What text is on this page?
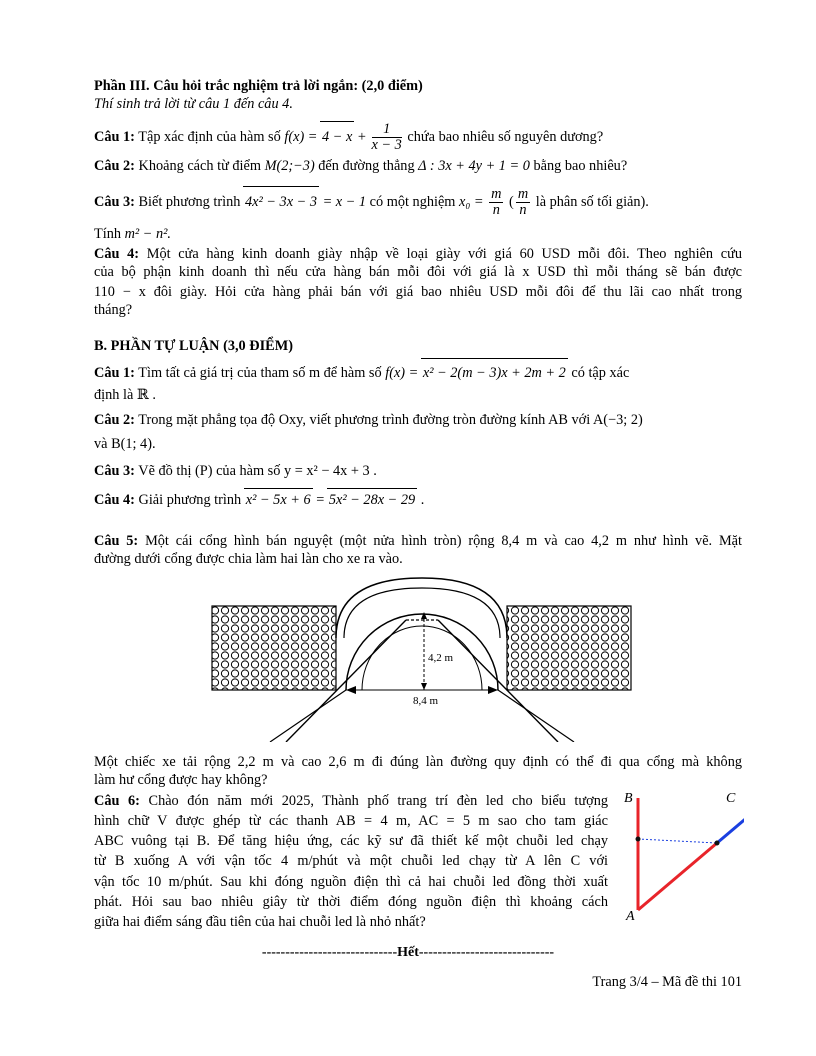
Phần III. Câu hỏi trắc nghiệm trả lời ngắn: (2,0 điểm)
Thí sinh trả lời từ câu 1 đến câu 4.
Câu 1: Tập xác định của hàm số $f(x) = 4 - x + \frac{1}{x - 3}$ chứa bao nhiêu số nguyên dương?
Câu 2: Khoảng cách từ điểm M(2;−3) đến đường thẳng Δ : 3x + 4y + 1 = 0 bằng bao nhiêu?
Câu 3: Biết phương trình 4x² − 3x − 3 = x − 1 có một nghiệm $x_0 = \frac{m}{n}$ ( $\frac{m}{n}$ là phân số tối giản).
Tính m² − n².
Câu 4: Một cửa hàng kinh doanh giày nhập về loại giày với giá 60 USD mỗi đôi. Theo nghiên cứu
của bộ phận kinh doanh thì nếu cửa hàng bán mỗi đôi với giá là x USD thì mỗi tháng sẽ bán được
110 − x đôi giày. Hỏi cửa hàng phải bán với giá bao nhiêu USD mỗi đôi để thu lãi cao nhất trong
tháng?
B. PHẦN TỰ LUẬN (3,0 ĐIỂM)
Câu 1: Tìm tất cả giá trị của tham số m để hàm số f(x) = x² − 2(m − 3)x + 2m + 2 có tập xác
định là ℝ .
Câu 2: Trong mặt phẳng tọa độ Oxy, viết phương trình đường tròn đường kính AB với A(−3; 2)
và B(1; 4).
Câu 3: Vẽ đồ thị (P) của hàm số y = x² − 4x + 3 .
Câu 4: Giải phương trình x² − 5x + 6 = 5x² − 28x − 29 .
Câu 5: Một cái cổng hình bán nguyệt (một nửa hình tròn) rộng 8,4 m và cao 4,2 m như hình vẽ. Mặt
đường dưới cổng được chia làm hai làn cho xe ra vào.
4,2 m
8,4 m
Một chiếc xe tải rộng 2,2 m và cao 2,6 m đi đúng làn đường quy định có thể đi qua cổng mà không
làm hư cổng được hay không?
Câu 6: Chào đón năm mới 2025, Thành phố trang trí đèn led cho biểu tượng
hình chữ V được ghép từ các thanh AB = 4 m, AC = 5 m sao cho tam giác
ABC vuông tại B. Để tăng hiệu ứng, các kỹ sư đã thiết kế một chuỗi led chạy
từ B xuống A với vận tốc 4 m/phút và một chuỗi led chạy từ A lên C với
vận tốc 10 m/phút. Sau khi đóng nguồn điện thì cả hai chuỗi led đồng thời xuất
phát. Hỏi sau bao nhiêu giây từ thời điểm đóng nguồn điện thì khoảng cách
giữa hai điểm sáng đầu tiên của hai chuỗi led là nhỏ nhất?
B	C
A
-----------------------------Hết-----------------------------
Trang 3/4 – Mã đề thi 101
